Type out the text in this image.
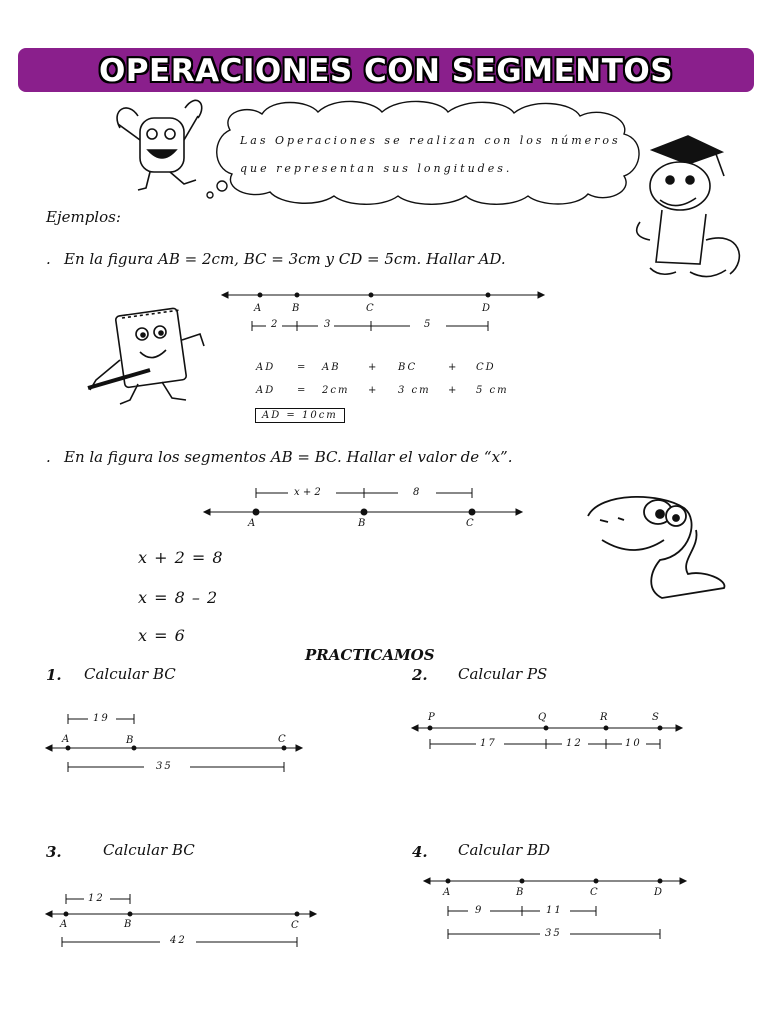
OPERACIONES CON SEGMENTOS
Las Operaciones se realizan con los números
que representan sus longitudes.
Ejemplos:
. En la figura AB = 2cm, BC = 3cm y CD = 5cm. Hallar AD.
A	B	C	D
2	3	5
AD = AB	+ BC	+ CD
AD = 2cm + 3 cm + 5 cm
AD = 10cm
. En la figura los segmentos AB = BC. Hallar el valor de “x”.
x + 2	8
A	B	C
x + 2 = 8
x = 8 – 2
x = 6
PRACTICAMOS
1. Calcular BC	2. Calcular PS
3.	Calcular BC	4. Calcular BD
19
A	B	C
35
P	Q	R	S
17	12	10
12
A	B	C
42
A	B	C	D
9	11
35
